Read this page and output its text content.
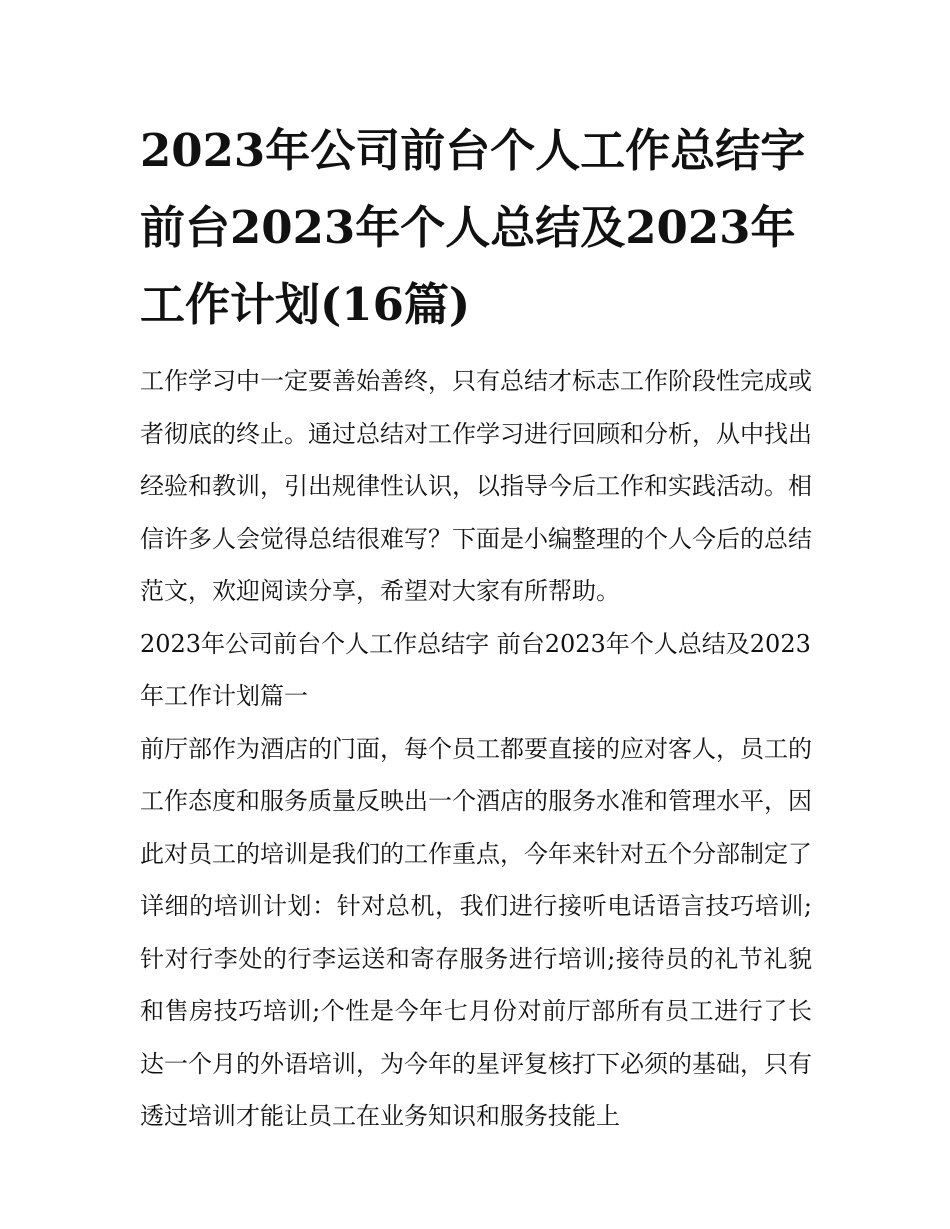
2023年公司前台个人工作总结字 前台2023年个人总结及2023年工作计划(16篇)

工作学习中一定要善始善终，只有总结才标志工作阶段性完成或者彻底的终止。通过总结对工作学习进行回顾和分析，从中找出经验和教训，引出规律性认识，以指导今后工作和实践活动。相信许多人会觉得总结很难写？下面是小编整理的个人今后的总结范文，欢迎阅读分享，希望对大家有所帮助。

2023年公司前台个人工作总结字 前台2023年个人总结及2023年工作计划篇一

前厅部作为酒店的门面，每个员工都要直接的应对客人，员工的工作态度和服务质量反映出一个酒店的服务水准和管理水平，因此对员工的培训是我们的工作重点，今年来针对五个分部制定了详细的培训计划：针对总机，我们进行接听电话语言技巧培训;针对行李处的行李运送和寄存服务进行培训;接待员的礼节礼貌和售房技巧培训;个性是今年七月份对前厅部所有员工进行了长达一个月的外语培训，为今年的星评复核打下必须的基础，只有透过培训才能让员工在业务知识和服务技能上
